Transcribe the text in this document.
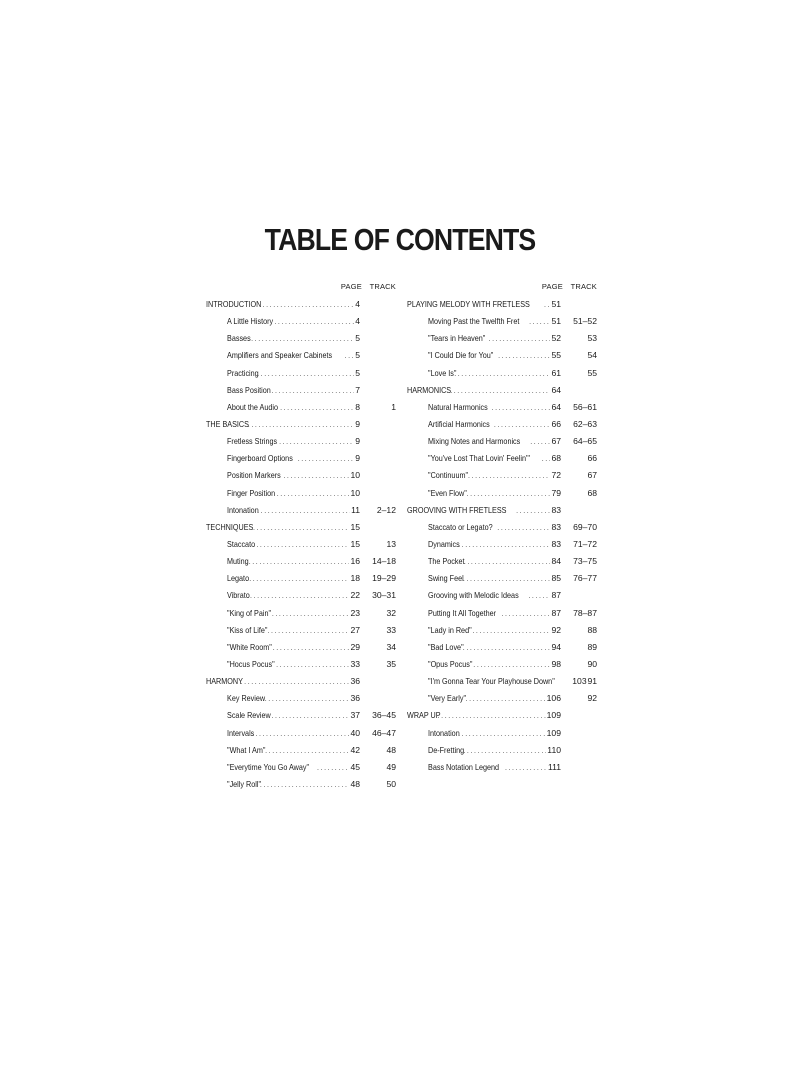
TABLE OF CONTENTS
PAGE TRACK
INTRODUCTION .....	4
A Little History .....	4
Basses .....	5
Amplifiers and Speaker Cabinets .....	5
Practicing .....	5
Bass Position .....	7
About the Audio .....	8	1
THE BASICS .....	9
Fretless Strings .....	9
Fingerboard Options .....	9
Position Markers .....	10
Finger Position .....	10
Intonation .....	11	2–12
TECHNIQUES .....	15
Staccato .....	15	13
Muting .....	16	14–18
Legato .....	18	19–29
Vibrato .....	22	30–31
"King of Pain" .....	23	32
"Kiss of Life" .....	27	33
"White Room" .....	29	34
"Hocus Pocus" .....	33	35
HARMONY .....	36
Key Review .....	36
Scale Review .....	37	36–45
Intervals .....	40	46–47
"What I Am" .....	42	48
"Everytime You Go Away" .....	45	49
"Jelly Roll" .....	48	50
PAGE TRACK
PLAYING MELODY WITH FRETLESS .....	51
Moving Past the Twelfth Fret .....	51	51–52
"Tears in Heaven" .....	52	53
"I Could Die for You" .....	55	54
"Love Is" .....	61	55
HARMONICS .....	64
Natural Harmonics .....	64	56–61
Artificial Harmonics .....	66	62–63
Mixing Notes and Harmonics .....	67	64–65
"You've Lost That Lovin' Feelin'" ..... 68	66
"Continuum" .....	72	67
"Even Flow" .....	79	68
GROOVING WITH FRETLESS .....	83
Staccato or Legato? .....	83	69–70
Dynamics .....	83	71–72
The Pocket .....	84	73–75
Swing Feel .....	85	76–77
Grooving with Melodic Ideas .....	87
Putting It All Together .....	87	78–87
"Lady in Red" .....	92	88
"Bad Love" .....	94	89
"Opus Pocus" .....	98	90
"I'm Gonna Tear Your Playhouse Down" ..... 103 91
"Very Early" .....	106	92
WRAP UP .....	109
Intonation .....	109
De-Fretting .....	110
Bass Notation Legend .....	111
